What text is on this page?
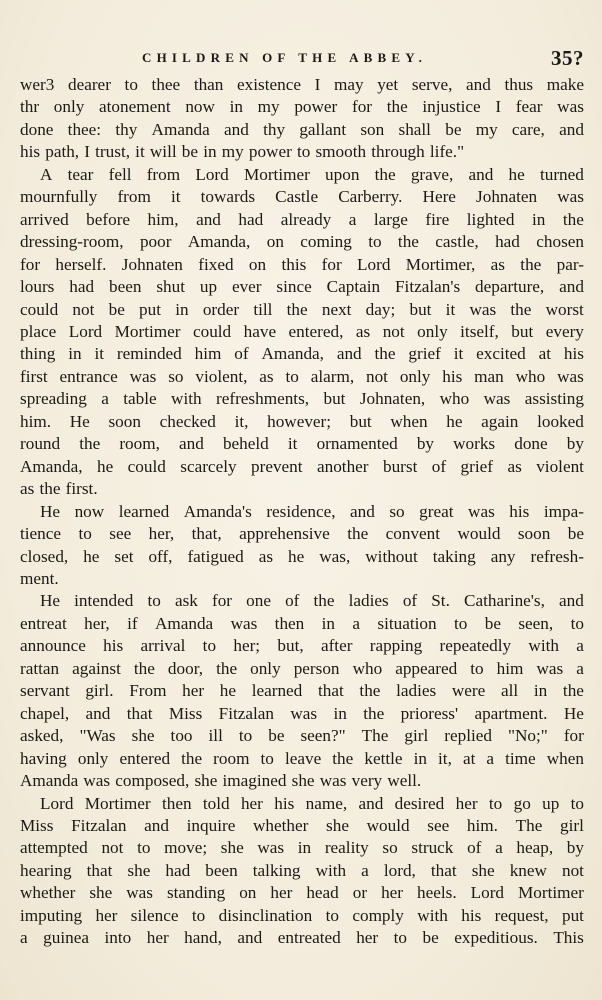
CHILDREN OF THE ABBEY.	35?
wer3 dearer to thee than existence I may yet serve, and thus make
thr only atonement now in my power for the injustice I fear was
done thee: thy Amanda and thy gallant son shall be my care, and
his path, I trust, it will be in my power to smooth through life."
A tear fell from Lord Mortimer upon the grave, and he turned
mournfully from it towards Castle Carberry. Here Johnaten was
arrived before him, and had already a large fire lighted in the
dressing-room, poor Amanda, on coming to the castle, had chosen
for herself. Johnaten fixed on this for Lord Mortimer, as the par-
lours had been shut up ever since Captain Fitzalan's departure, and
could not be put in order till the next day; but it was the worst
place Lord Mortimer could have entered, as not only itself, but every
thing in it reminded him of Amanda, and the grief it excited at his
first entrance was so violent, as to alarm, not only his man who was
spreading a table with refreshments, but Johnaten, who was assisting
him. He soon checked it, however; but when he again looked
round the room, and beheld it ornamented by works done by
Amanda, he could scarcely prevent another burst of grief as violent
as the first.
He now learned Amanda's residence, and so great was his impa-
tience to see her, that, apprehensive the convent would soon be
closed, he set off, fatigued as he was, without taking any refresh-
ment.
He intended to ask for one of the ladies of St. Catharine's, and
entreat her, if Amanda was then in a situation to be seen, to
announce his arrival to her; but, after rapping repeatedly with a
rattan against the door, the only person who appeared to him was a
servant girl. From her he learned that the ladies were all in the
chapel, and that Miss Fitzalan was in the prioress' apartment. He
asked, "Was she too ill to be seen?" The girl replied "No;" for
having only entered the room to leave the kettle in it, at a time when
Amanda was composed, she imagined she was very well.
Lord Mortimer then told her his name, and desired her to go up to
Miss Fitzalan and inquire whether she would see him. The girl
attempted not to move; she was in reality so struck of a heap, by
hearing that she had been talking with a lord, that she knew not
whether she was standing on her head or her heels. Lord Mortimer
imputing her silence to disinclination to comply with his request, put
a guinea into her hand, and entreated her to be expeditious. This
